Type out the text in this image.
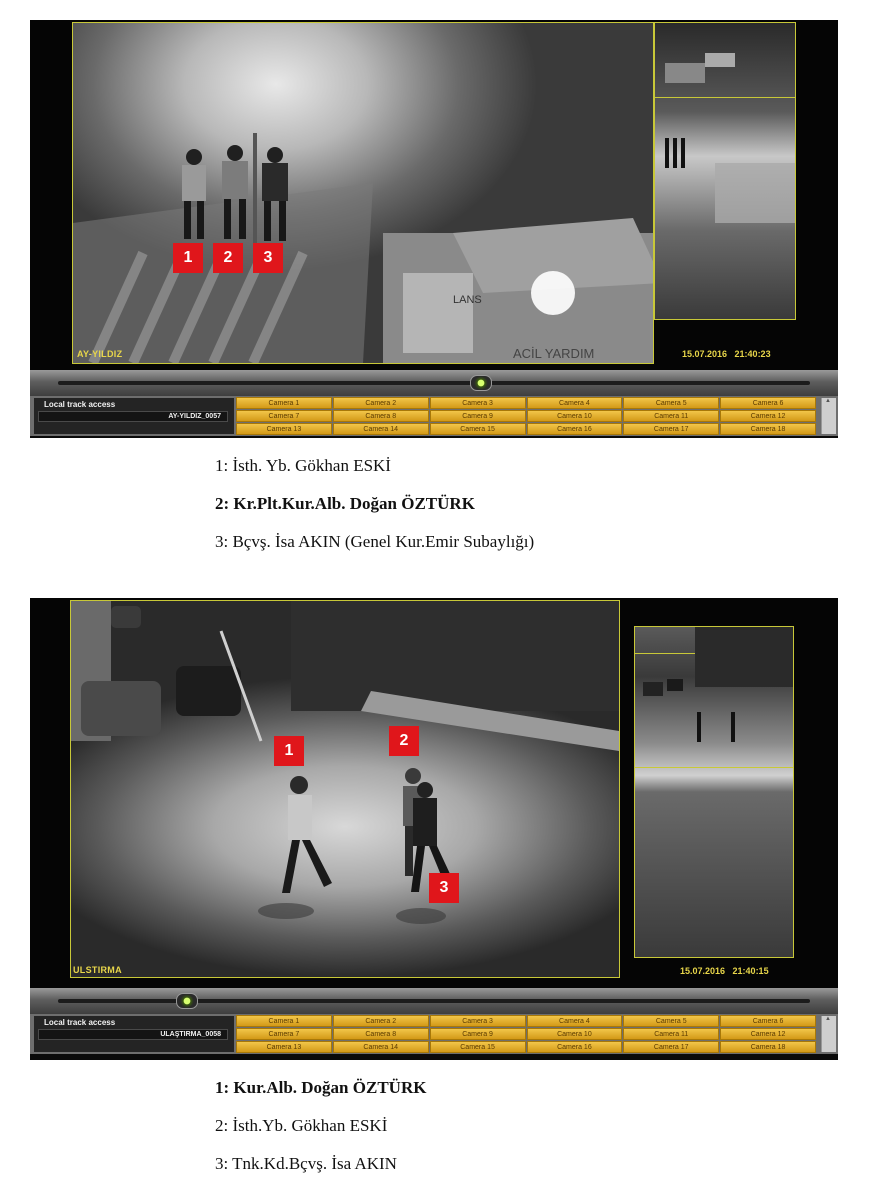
LANS
ACİL YARDIM
1	2	3
AY-YILDIZ	15.07.2016   21:40:23
Local track access
AY-YILDIZ_0057
Camera 1	Camera 2	Camera 3	Camera 4	Camera 5	Camera 6
Camera 7	Camera 8	Camera 9	Camera 10	Camera 11	Camera 12
Camera 13	Camera 14	Camera 15	Camera 16	Camera 17	Camera 18
▲
1: İsth. Yb. Gökhan ESKİ
2: Kr.Plt.Kur.Alb. Doğan ÖZTÜRK
3: Bçvş. İsa AKIN (Genel Kur.Emir Subaylığı)
1
2
3
ULSTIRMA	15.07.2016   21:40:15
Local track access
ULAŞTIRMA_0058
Camera 1	Camera 2	Camera 3	Camera 4	Camera 5	Camera 6
Camera 7	Camera 8	Camera 9	Camera 10	Camera 11	Camera 12
Camera 13	Camera 14	Camera 15	Camera 16	Camera 17	Camera 18
▲
1: Kur.Alb. Doğan ÖZTÜRK
2: İsth.Yb. Gökhan ESKİ
3: Tnk.Kd.Bçvş. İsa AKIN
